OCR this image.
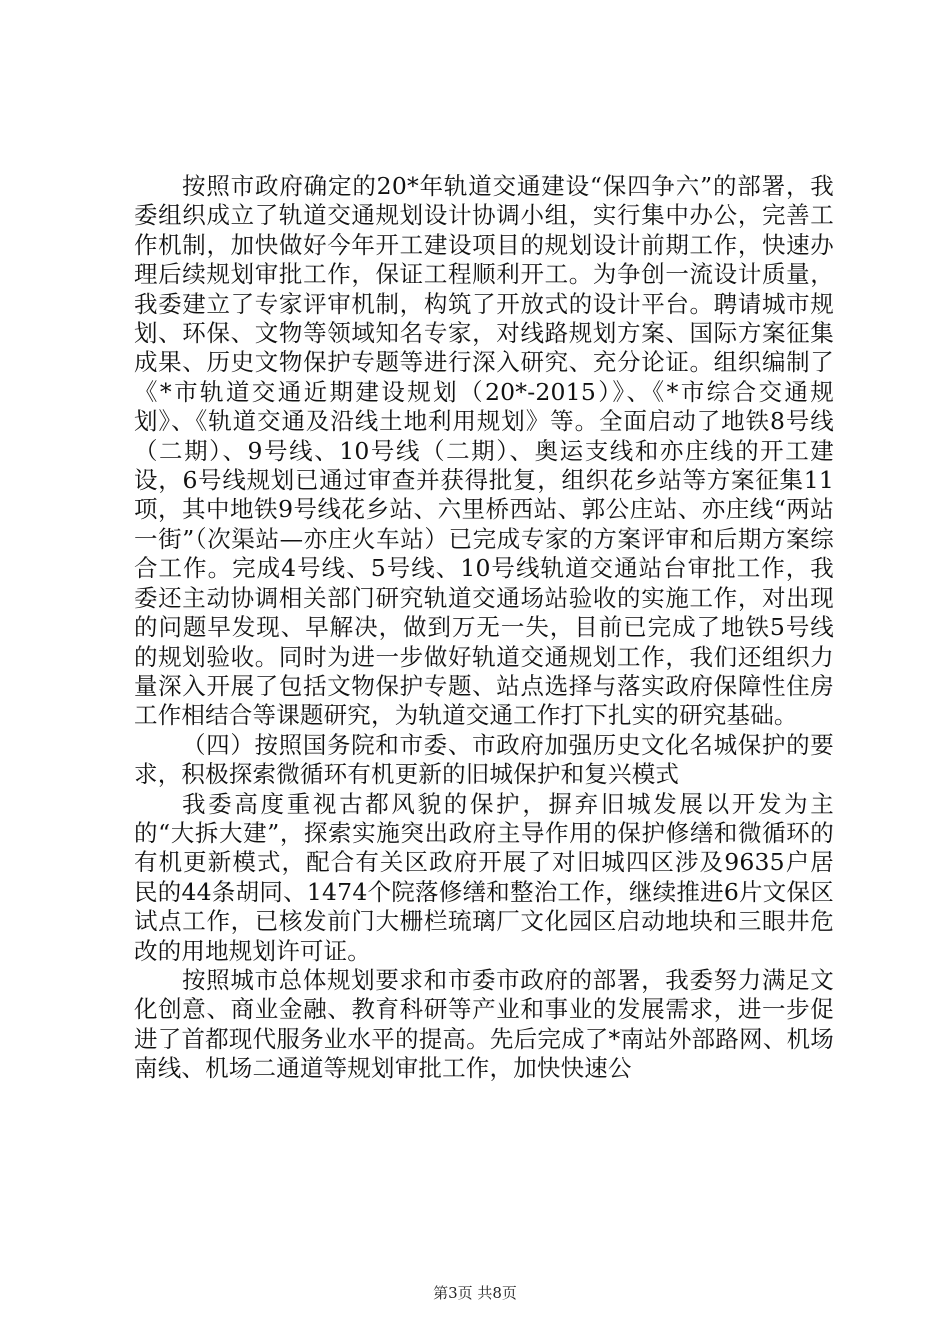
按照市政府确定的20*年轨道交通建设“保四争六”的部署，我委组织成立了轨道交通规划设计协调小组，实行集中办公，完善工作机制，加快做好今年开工建设项目的规划设计前期工作，快速办理后续规划审批工作，保证工程顺利开工。为争创一流设计质量，我委建立了专家评审机制，构筑了开放式的设计平台。聘请城市规划、环保、文物等领域知名专家，对线路规划方案、国际方案征集成果、历史文物保护专题等进行深入研究、充分论证。组织编制了《*市轨道交通近期建设规划（20*-2015）》、《*市综合交通规划》、《轨道交通及沿线土地利用规划》等。全面启动了地铁8号线（二期）、9号线、10号线（二期）、奥运支线和亦庄线的开工建设，6号线规划已通过审查并获得批复，组织花乡站等方案征集11项，其中地铁9号线花乡站、六里桥西站、郭公庄站、亦庄线“两站一街”（次渠站—亦庄火车站）已完成专家的方案评审和后期方案综合工作。完成4号线、5号线、10号线轨道交通站台审批工作，我委还主动协调相关部门研究轨道交通场站验收的实施工作，对出现的问题早发现、早解决，做到万无一失，目前已完成了地铁5号线的规划验收。同时为进一步做好轨道交通规划工作，我们还组织力量深入开展了包括文物保护专题、站点选择与落实政府保障性住房工作相结合等课题研究，为轨道交通工作打下扎实的研究基础。

（四）按照国务院和市委、市政府加强历史文化名城保护的要求，积极探索微循环有机更新的旧城保护和复兴模式

我委高度重视古都风貌的保护，摒弃旧城发展以开发为主的“大拆大建”，探索实施突出政府主导作用的保护修缮和微循环的有机更新模式，配合有关区政府开展了对旧城四区涉及9635户居民的44条胡同、1474个院落修缮和整治工作，继续推进6片文保区试点工作，已核发前门大栅栏琉璃厂文化园区启动地块和三眼井危改的用地规划许可证。

按照城市总体规划要求和市委市政府的部署，我委努力满足文化创意、商业金融、教育科研等产业和事业的发展需求，进一步促进了首都现代服务业水平的提高。先后完成了*南站外部路网、机场南线、机场二通道等规划审批工作，加快快速公

第3页 共8页
